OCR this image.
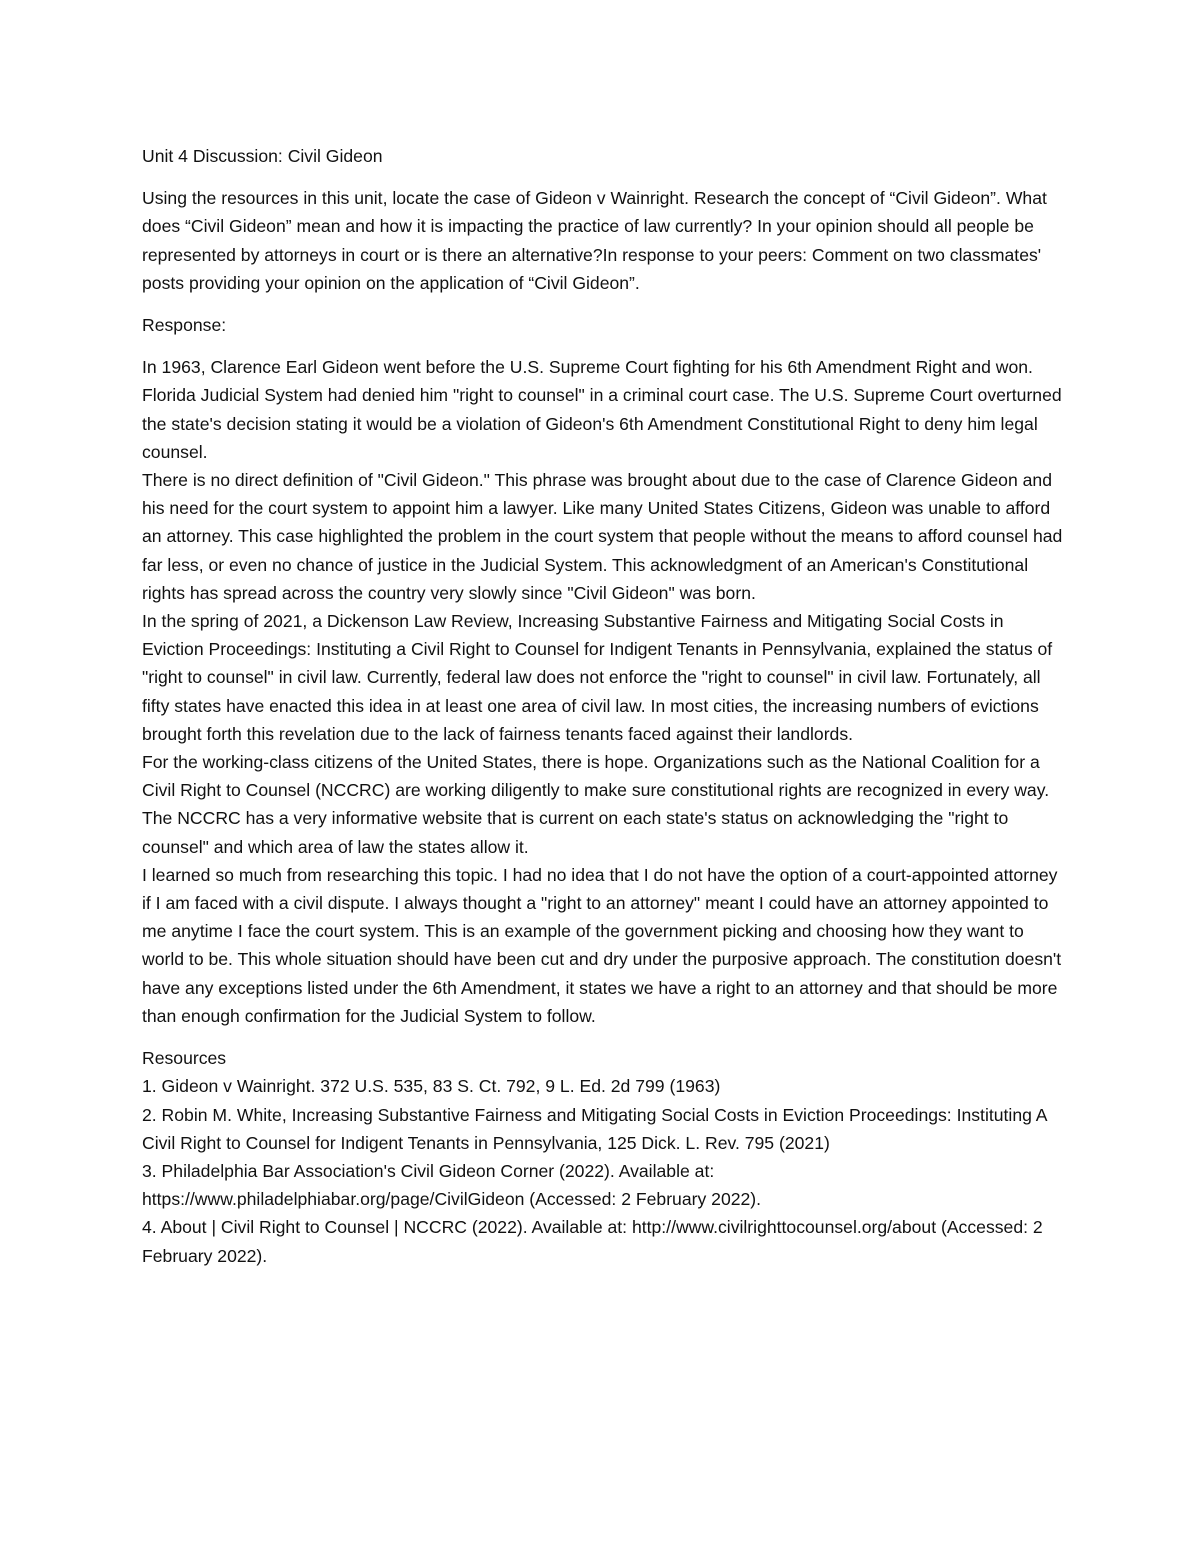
Unit 4 Discussion: Civil Gideon

Using the resources in this unit, locate the case of Gideon v Wainright. Research the concept of “Civil Gideon”. What does “Civil Gideon” mean and how it is impacting the practice of law currently? In your opinion should all people be represented by attorneys in court or is there an alternative?In response to your peers: Comment on two classmates' posts providing your opinion on the application of “Civil Gideon”.

Response:

In 1963, Clarence Earl Gideon went before the U.S. Supreme Court fighting for his 6th Amendment Right and won. Florida Judicial System had denied him "right to counsel" in a criminal court case. The U.S. Supreme Court overturned the state's decision stating it would be a violation of Gideon's 6th Amendment Constitutional Right to deny him legal counsel.

There is no direct definition of "Civil Gideon." This phrase was brought about due to the case of Clarence Gideon and his need for the court system to appoint him a lawyer. Like many United States Citizens, Gideon was unable to afford an attorney. This case highlighted the problem in the court system that people without the means to afford counsel had far less, or even no chance of justice in the Judicial System. This acknowledgment of an American's Constitutional rights has spread across the country very slowly since "Civil Gideon" was born.

In the spring of 2021, a Dickenson Law Review, Increasing Substantive Fairness and Mitigating Social Costs in Eviction Proceedings: Instituting a Civil Right to Counsel for Indigent Tenants in Pennsylvania, explained the status of "right to counsel" in civil law. Currently, federal law does not enforce the "right to counsel" in civil law. Fortunately, all fifty states have enacted this idea in at least one area of civil law. In most cities, the increasing numbers of evictions brought forth this revelation due to the lack of fairness tenants faced against their landlords.

For the working-class citizens of the United States, there is hope. Organizations such as the National Coalition for a Civil Right to Counsel (NCCRC) are working diligently to make sure constitutional rights are recognized in every way. The NCCRC has a very informative website that is current on each state's status on acknowledging the "right to counsel" and which area of law the states allow it.

I learned so much from researching this topic. I had no idea that I do not have the option of a court-appointed attorney if I am faced with a civil dispute. I always thought a "right to an attorney" meant I could have an attorney appointed to me anytime I face the court system. This is an example of the government picking and choosing how they want to world to be. This whole situation should have been cut and dry under the purposive approach. The constitution doesn't have any exceptions listed under the 6th Amendment, it states we have a right to an attorney and that should be more than enough confirmation for the Judicial System to follow.

Resources

1. Gideon v Wainright. 372 U.S. 535, 83 S. Ct. 792, 9 L. Ed. 2d 799 (1963)

2. Robin M. White, Increasing Substantive Fairness and Mitigating Social Costs in Eviction Proceedings: Instituting A Civil Right to Counsel for Indigent Tenants in Pennsylvania, 125 Dick. L. Rev. 795 (2021)

3. Philadelphia Bar Association's Civil Gideon Corner (2022). Available at: https://www.philadelphiabar.org/page/CivilGideon (Accessed: 2 February 2022).

4. About | Civil Right to Counsel | NCCRC (2022). Available at: http://www.civilrighttocounsel.org/about (Accessed: 2 February 2022).
